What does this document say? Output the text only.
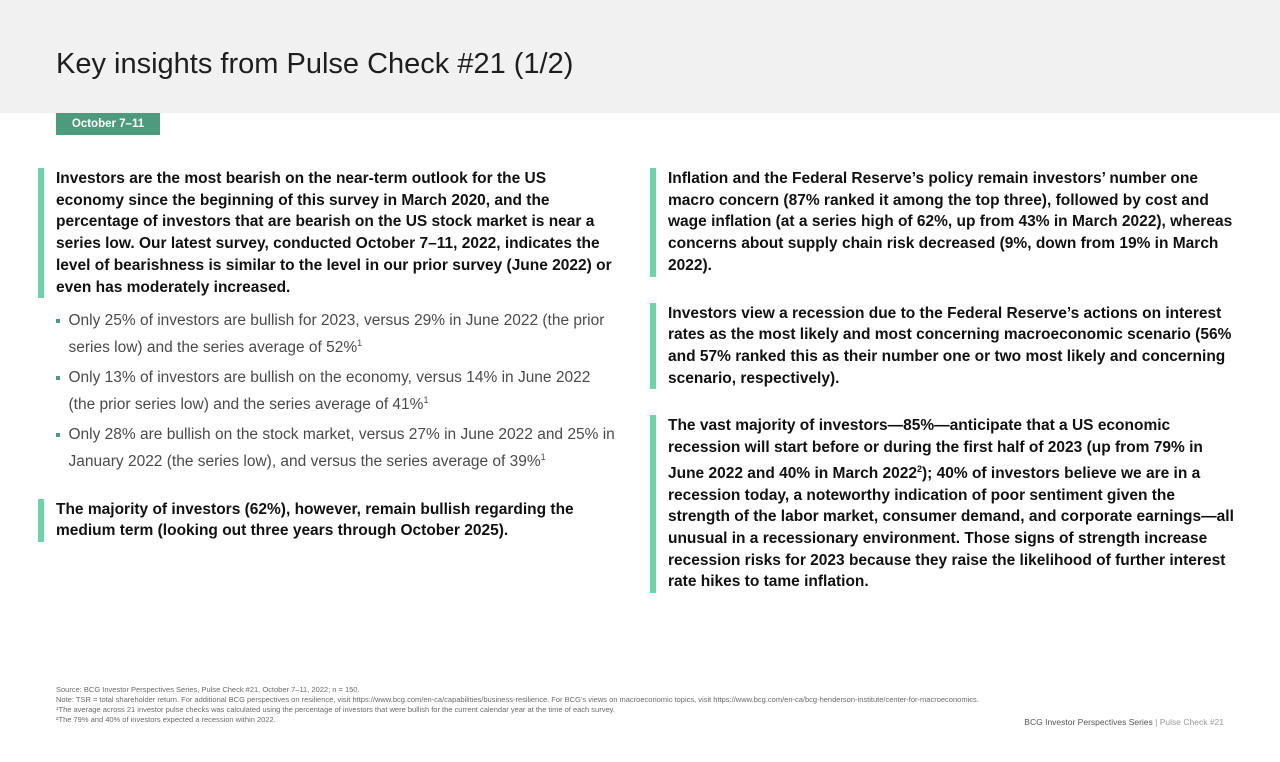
Key insights from Pulse Check #21 (1/2)
October 7–11

Investors are the most bearish on the near-term outlook for the US economy since the beginning of this survey in March 2020, and the percentage of investors that are bearish on the US stock market is near a series low. Our latest survey, conducted October 7–11, 2022, indicates the level of bearishness is similar to the level in our prior survey (June 2022) or even has moderately increased.

Only 25% of investors are bullish for 2023, versus 29% in June 2022 (the prior series low) and the series average of 52%$^1$
Only 13% of investors are bullish on the economy, versus 14% in June 2022 (the prior series low) and the series average of 41%$^1$
Only 28% are bullish on the stock market, versus 27% in June 2022 and 25% in January 2022 (the series low), and versus the series average of 39%$^1$

The majority of investors (62%), however, remain bullish regarding the medium term (looking out three years through October 2025).

Inflation and the Federal Reserve’s policy remain investors’ number one macro concern (87% ranked it among the top three), followed by cost and wage inflation (at a series high of 62%, up from 43% in March 2022), whereas concerns about supply chain risk decreased (9%, down from 19% in March 2022).

Investors view a recession due to the Federal Reserve’s actions on interest rates as the most likely and most concerning macroeconomic scenario (56% and 57% ranked this as their number one or two most likely and concerning scenario, respectively).

The vast majority of investors—85%—anticipate that a US economic recession will start before or during the first half of 2023 (up from 79% in June 2022 and 40% in March 2022$^2$); 40% of investors believe we are in a recession today, a noteworthy indication of poor sentiment given the strength of the labor market, consumer demand, and corporate earnings—all unusual in a recessionary environment. Those signs of strength increase recession risks for 2023 because they raise the likelihood of further interest rate hikes to tame inflation.

Source: BCG Investor Perspectives Series, Pulse Check #21, October 7–11, 2022; n = 150.
Note: TSR = total shareholder return. For additional BCG perspectives on resilience, visit https://www.bcg.com/en-ca/capabilities/business-resilience. For BCG’s views on macroeconomic topics, visit https://www.bcg.com/en-ca/bcg-henderson-institute/center-for-macroeconomics.
¹The average across 21 investor pulse checks was calculated using the percentage of investors that were bullish for the current calendar year at the time of each survey.
²The 79% and 40% of investors expected a recession within 2022.	BCG Investor Perspectives Series | Pulse Check #21
